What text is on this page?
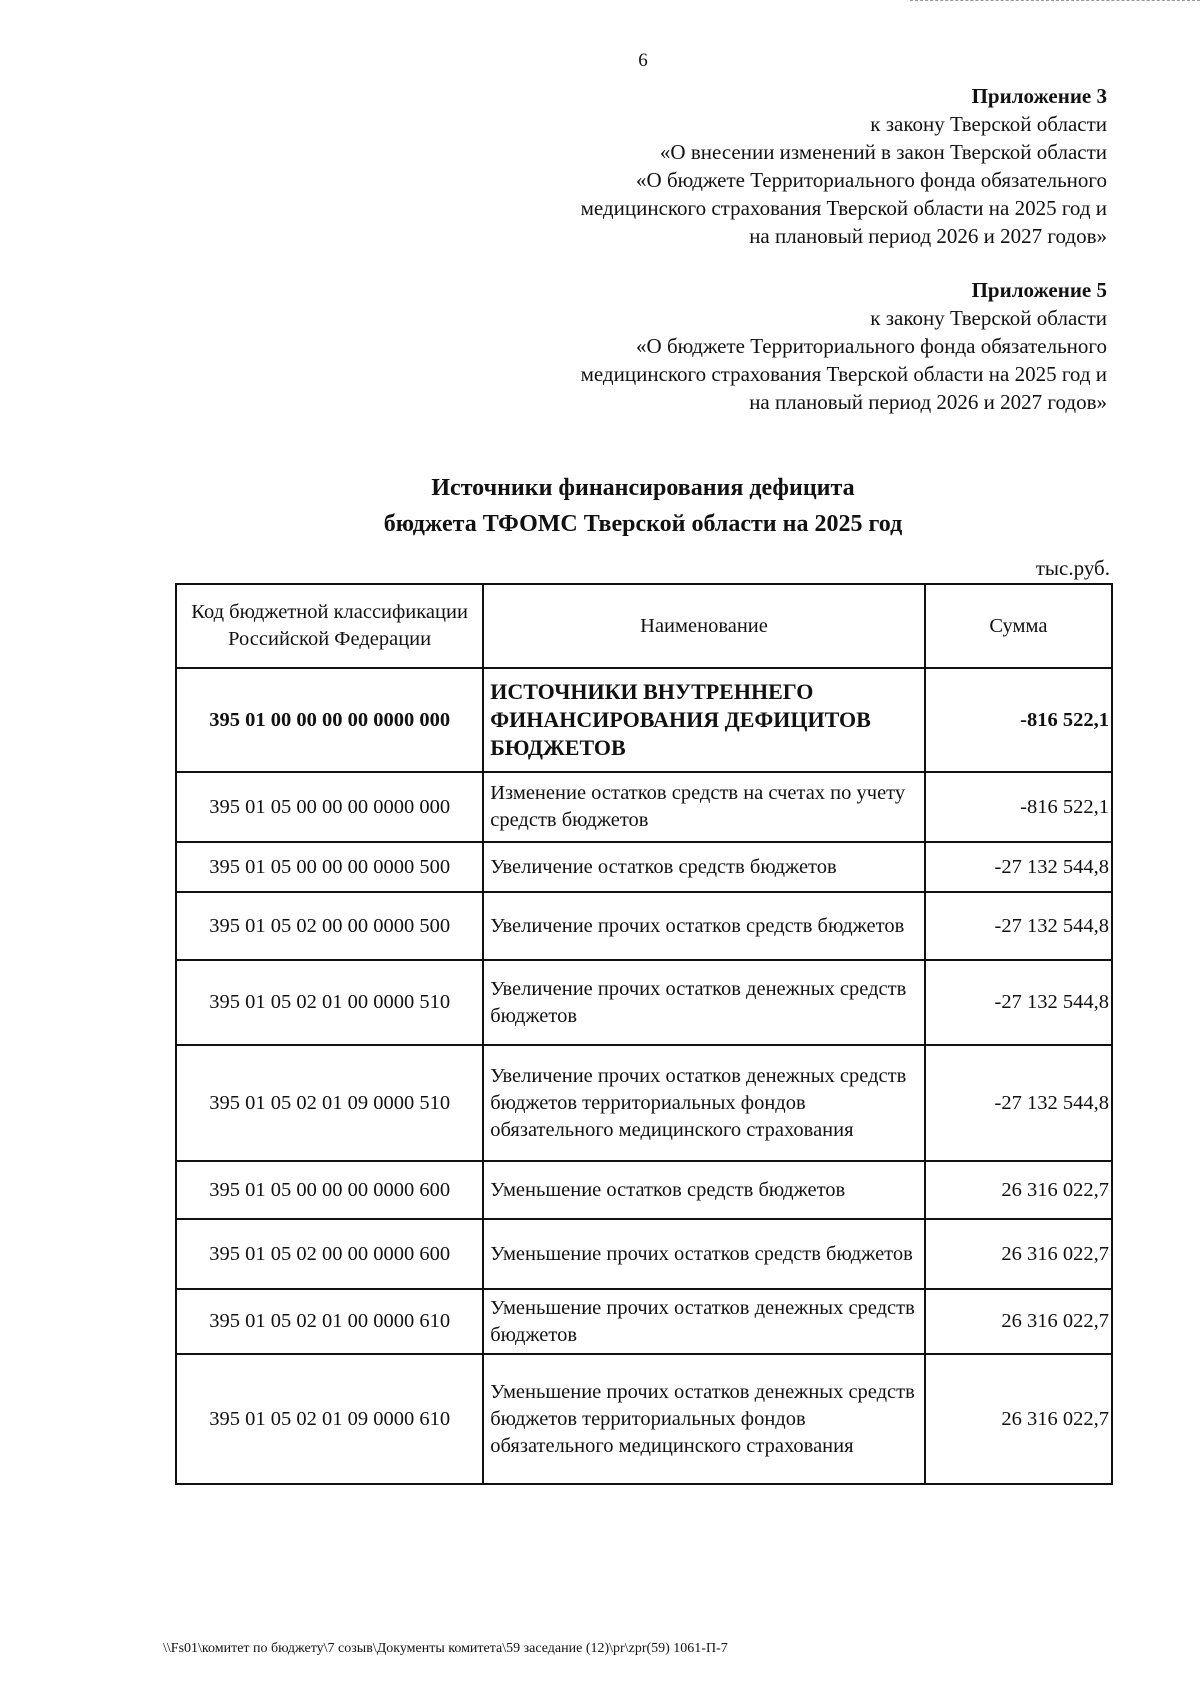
6
Приложение 3
к закону Тверской области
«О внесении изменений в закон Тверской области
«О бюджете Территориального фонда обязательного
медицинского страхования Тверской области на 2025 год и
на плановый период 2026 и 2027 годов»
Приложение 5
к закону Тверской области
«О бюджете Территориального фонда обязательного
медицинского страхования Тверской области на 2025 год и
на плановый период 2026 и 2027 годов»
Источники финансирования дефицита
бюджета ТФОМС Тверской области на 2025 год
тыс.руб.
Код бюджетной классификации Российской Федерации	Наименование	Сумма
395 01 00 00 00 00 0000 000	ИСТОЧНИКИ ВНУТРЕННЕГО ФИНАНСИРОВАНИЯ ДЕФИЦИТОВ БЮДЖЕТОВ	-816 522,1
395 01 05 00 00 00 0000 000	Изменение остатков средств на счетах по учету средств бюджетов	-816 522,1
395 01 05 00 00 00 0000 500	Увеличение остатков средств бюджетов	-27 132 544,8
395 01 05 02 00 00 0000 500	Увеличение прочих остатков средств бюджетов	-27 132 544,8
395 01 05 02 01 00 0000 510	Увеличение прочих остатков денежных средств бюджетов	-27 132 544,8
395 01 05 02 01 09 0000 510	Увеличение прочих остатков денежных средств бюджетов территориальных фондов обязательного медицинского страхования	-27 132 544,8
395 01 05 00 00 00 0000 600	Уменьшение остатков средств бюджетов	26 316 022,7
395 01 05 02 00 00 0000 600	Уменьшение прочих остатков средств бюджетов	26 316 022,7
395 01 05 02 01 00 0000 610	Уменьшение прочих остатков денежных средств бюджетов	26 316 022,7
395 01 05 02 01 09 0000 610	Уменьшение прочих остатков денежных средств бюджетов территориальных фондов обязательного медицинского страхования	26 316 022,7
\\Fs01\комитет по бюджету\7 созыв\Документы комитета\59 заседание (12)\pr\zpr(59) 1061-П-7
